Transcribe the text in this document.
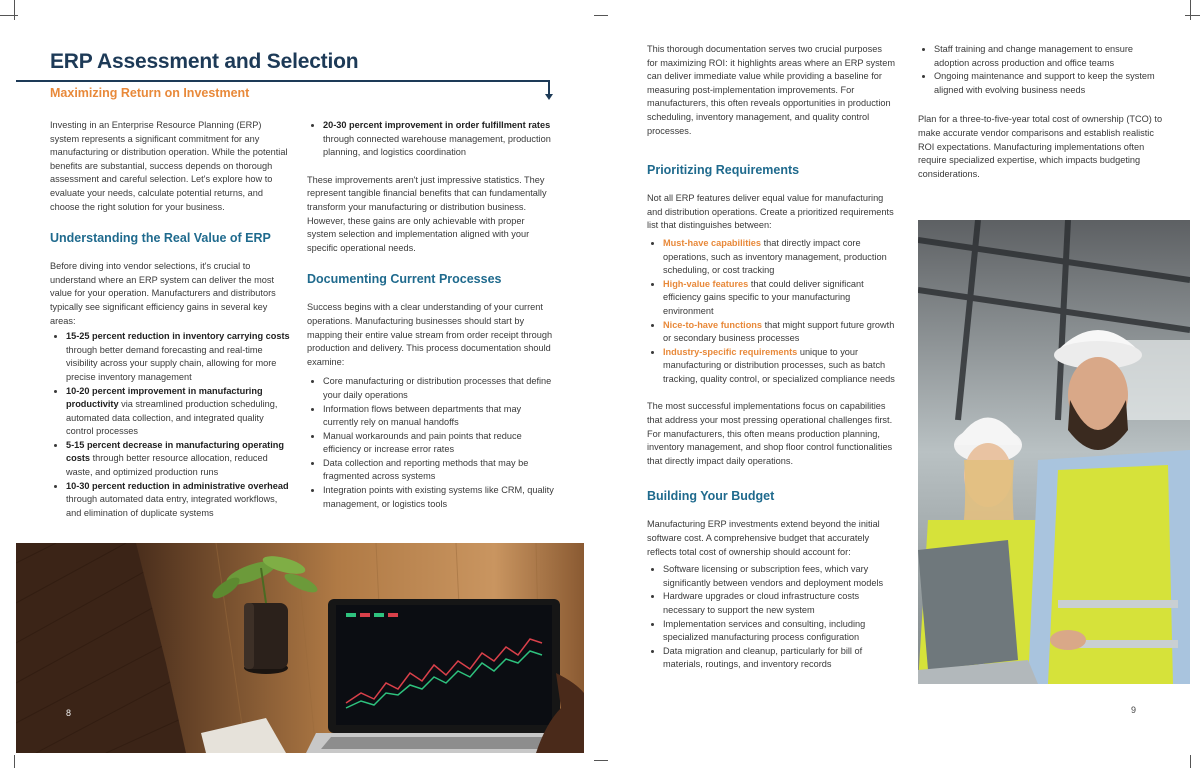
ERP Assessment and Selection
Maximizing Return on Investment

Investing in an Enterprise Resource Planning (ERP) system represents a significant commitment for any manufacturing or distribution operation. While the potential benefits are substantial, success depends on thorough assessment and careful selection. Let's explore how to evaluate your needs, calculate potential returns, and choose the right solution for your business.

Understanding the Real Value of ERP

Before diving into vendor selections, it's crucial to understand where an ERP system can deliver the most value for your operation. Manufacturers and distributors typically see significant efficiency gains in several key areas:

• 15-25 percent reduction in inventory carrying costs through better demand forecasting and real-time visibility across your supply chain, allowing for more precise inventory management
• 10-20 percent improvement in manufacturing productivity via streamlined production scheduling, automated data collection, and integrated quality control processes
• 5-15 percent decrease in manufacturing operating costs through better resource allocation, reduced waste, and optimized production runs
• 10-30 percent reduction in administrative overhead through automated data entry, integrated workflows, and elimination of duplicate systems
• 20-30 percent improvement in order fulfillment rates through connected warehouse management, production planning, and logistics coordination

These improvements aren't just impressive statistics. They represent tangible financial benefits that can fundamentally transform your manufacturing or distribution business. However, these gains are only achievable with proper system selection and implementation aligned with your specific operational needs.

Documenting Current Processes

Success begins with a clear understanding of your current operations. Manufacturing businesses should start by mapping their entire value stream from order receipt through production and delivery. This process documentation should examine:

• Core manufacturing or distribution processes that define your daily operations
• Information flows between departments that may currently rely on manual handoffs
• Manual workarounds and pain points that reduce efficiency or increase error rates
• Data collection and reporting methods that may be fragmented across systems
• Integration points with existing systems like CRM, quality management, or logistics tools
8

This thorough documentation serves two crucial purposes for maximizing ROI: it highlights areas where an ERP system can deliver immediate value while providing a baseline for measuring post-implementation improvements. For manufacturers, this often reveals opportunities in production scheduling, inventory management, and quality control processes.

Prioritizing Requirements

Not all ERP features deliver equal value for manufacturing and distribution operations. Create a prioritized requirements list that distinguishes between:

• Must-have capabilities that directly impact core operations, such as inventory management, production scheduling, or cost tracking
• High-value features that could deliver significant efficiency gains specific to your manufacturing environment
• Nice-to-have functions that might support future growth or secondary business processes
• Industry-specific requirements unique to your manufacturing or distribution processes, such as batch tracking, quality control, or specialized compliance needs

The most successful implementations focus on capabilities that address your most pressing operational challenges first. For manufacturers, this often means production planning, inventory management, and shop floor control functionalities that directly impact daily operations.

Building Your Budget

Manufacturing ERP investments extend beyond the initial software cost. A comprehensive budget that accurately reflects total cost of ownership should account for:

• Software licensing or subscription fees, which vary significantly between vendors and deployment models
• Hardware upgrades or cloud infrastructure costs necessary to support the new system
• Implementation services and consulting, including specialized manufacturing process configuration
• Data migration and cleanup, particularly for bill of materials, routings, and inventory records
• Staff training and change management to ensure adoption across production and office teams
• Ongoing maintenance and support to keep the system aligned with evolving business needs

Plan for a three-to-five-year total cost of ownership (TCO) to make accurate vendor comparisons and establish realistic ROI expectations. Manufacturing implementations often require specialized expertise, which impacts budgeting considerations.

9
